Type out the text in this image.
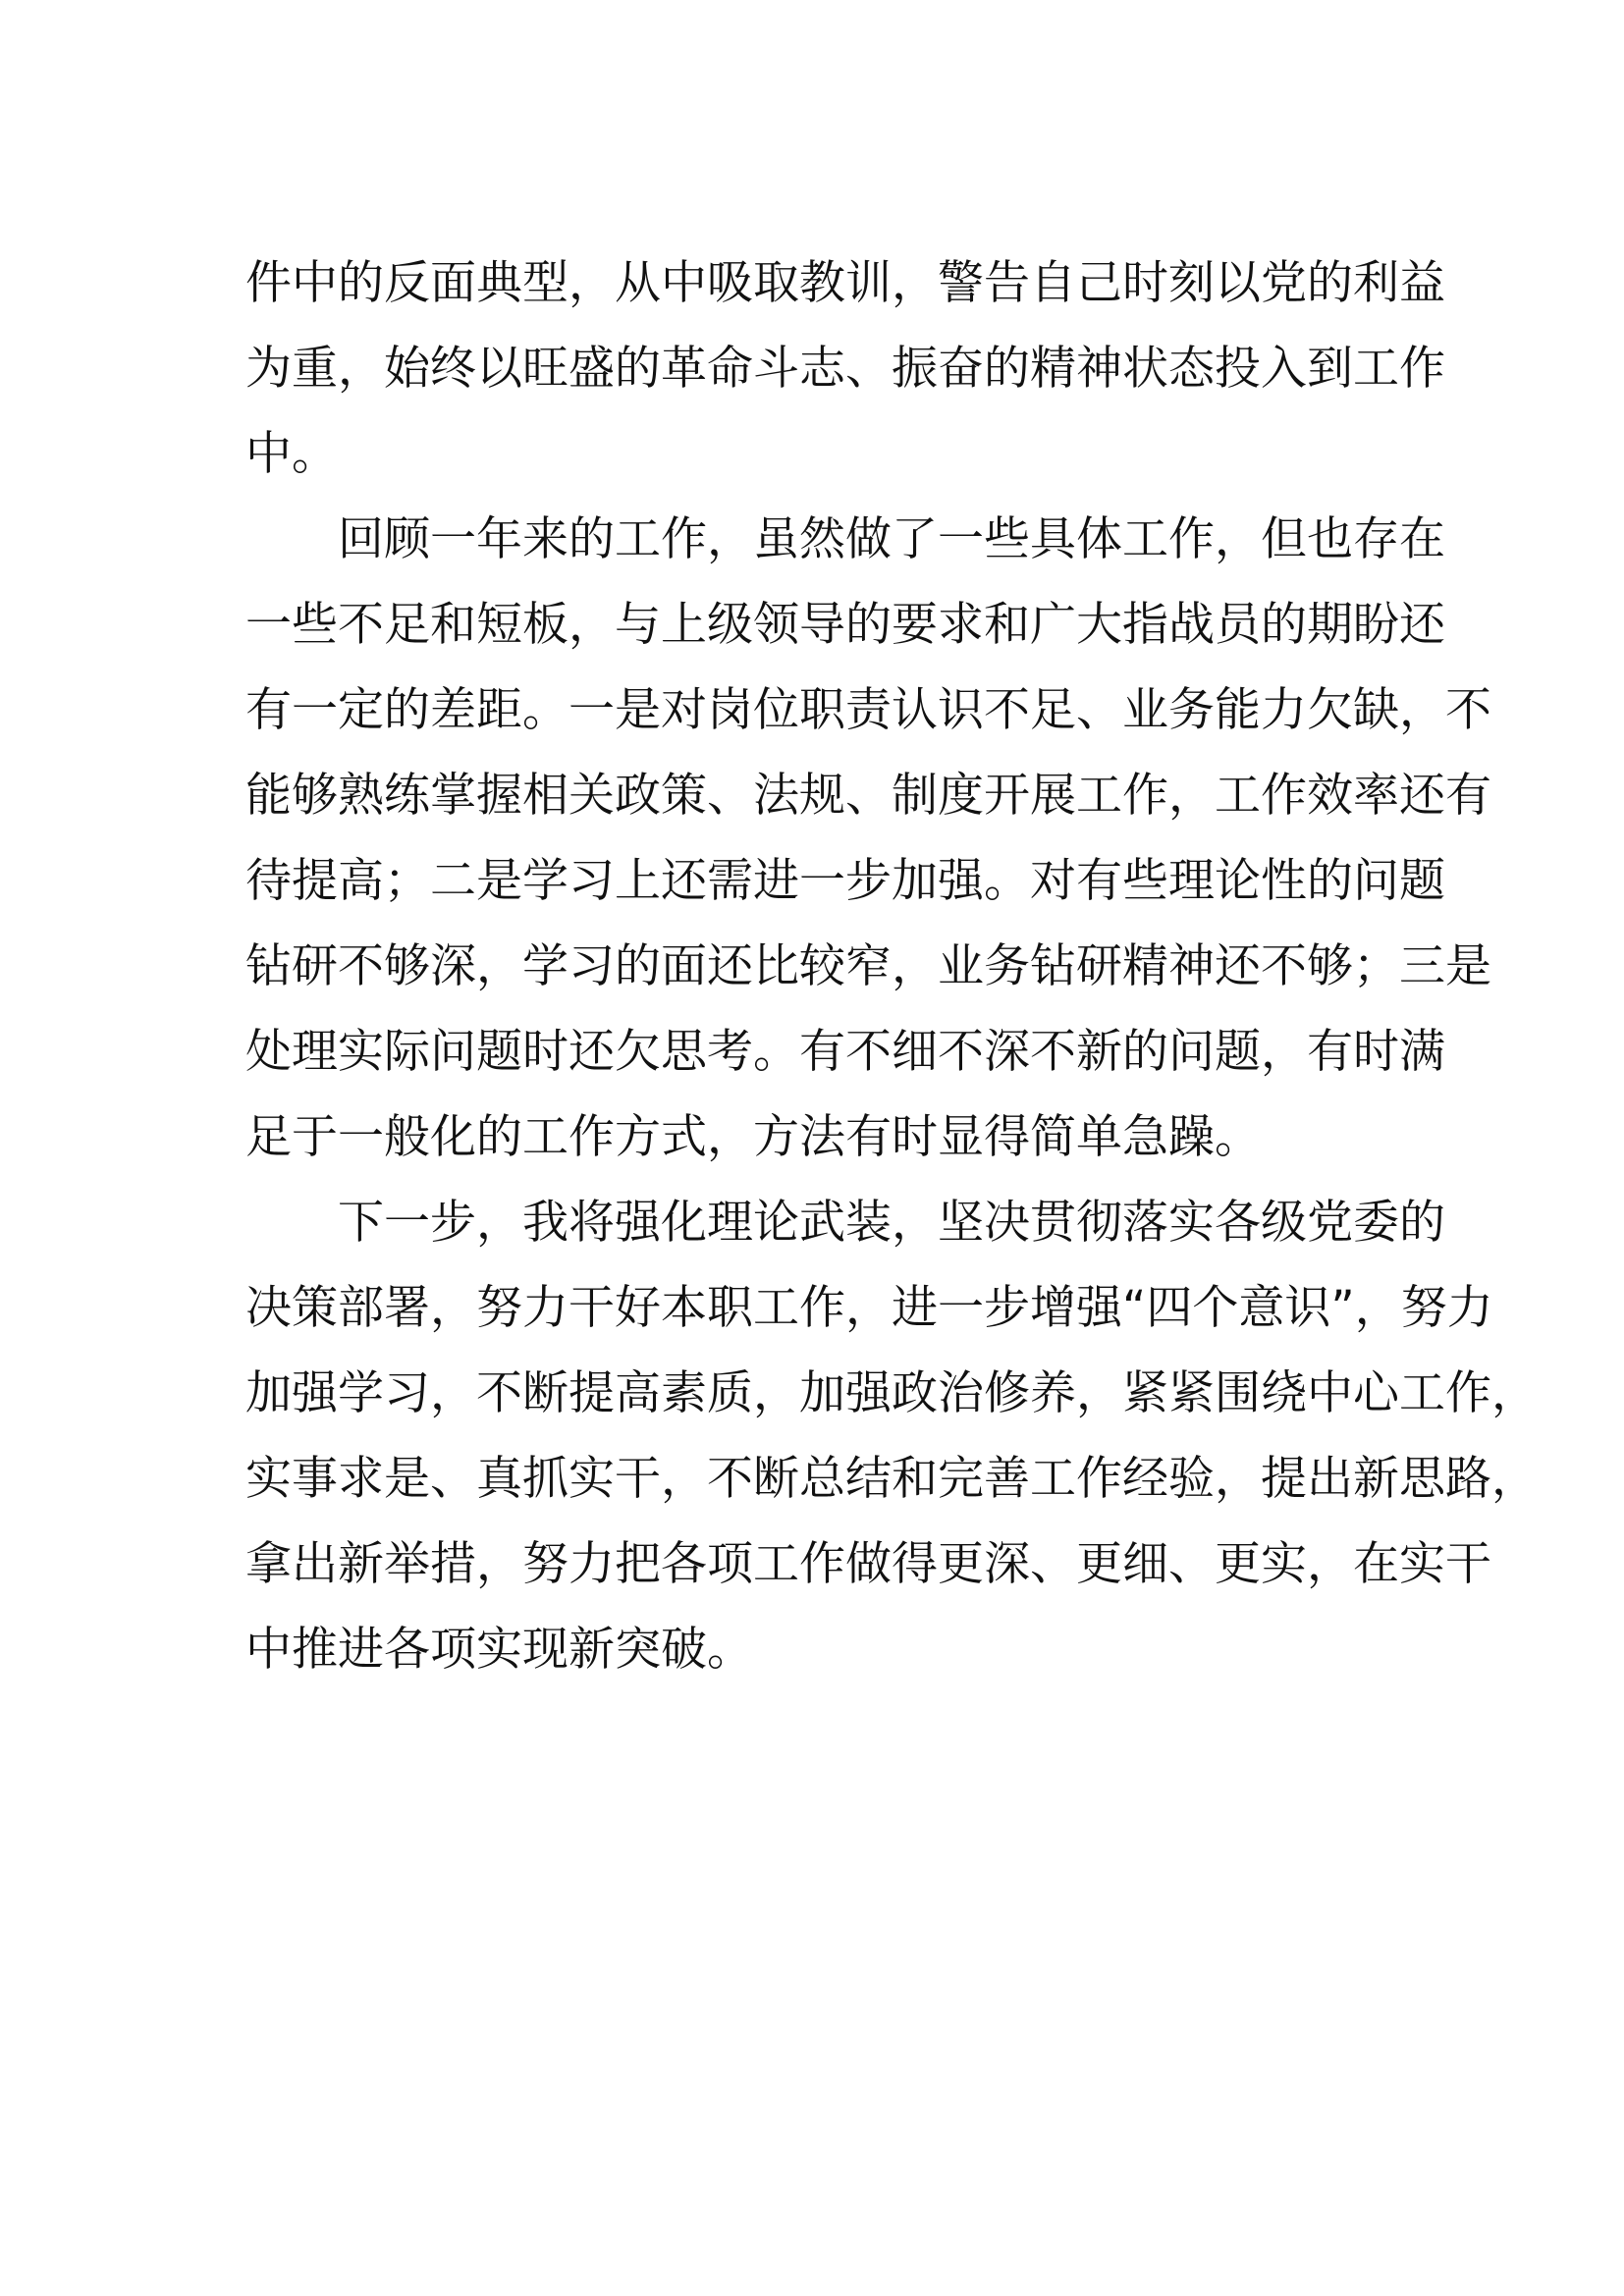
件中的反面典型，从中吸取教训，警告自己时刻以党的利益
为重，始终以旺盛的革命斗志、振奋的精神状态投入到工作
中。
回顾一年来的工作，虽然做了一些具体工作，但也存在
一些不足和短板，与上级领导的要求和广大指战员的期盼还
有一定的差距。一是对岗位职责认识不足、业务能力欠缺，不
能够熟练掌握相关政策、法规、制度开展工作，工作效率还有
待提高；二是学习上还需进一步加强。对有些理论性的问题
钻研不够深，学习的面还比较窄，业务钻研精神还不够；三是
处理实际问题时还欠思考。有不细不深不新的问题，有时满
足于一般化的工作方式，方法有时显得简单急躁。
下一步，我将强化理论武装，坚决贯彻落实各级党委的
决策部署，努力干好本职工作，进一步增强“四个意识”，努力
加强学习，不断提高素质，加强政治修养，紧紧围绕中心工作，
实事求是、真抓实干，不断总结和完善工作经验，提出新思路，
拿出新举措，努力把各项工作做得更深、更细、更实，在实干
中推进各项实现新突破。
